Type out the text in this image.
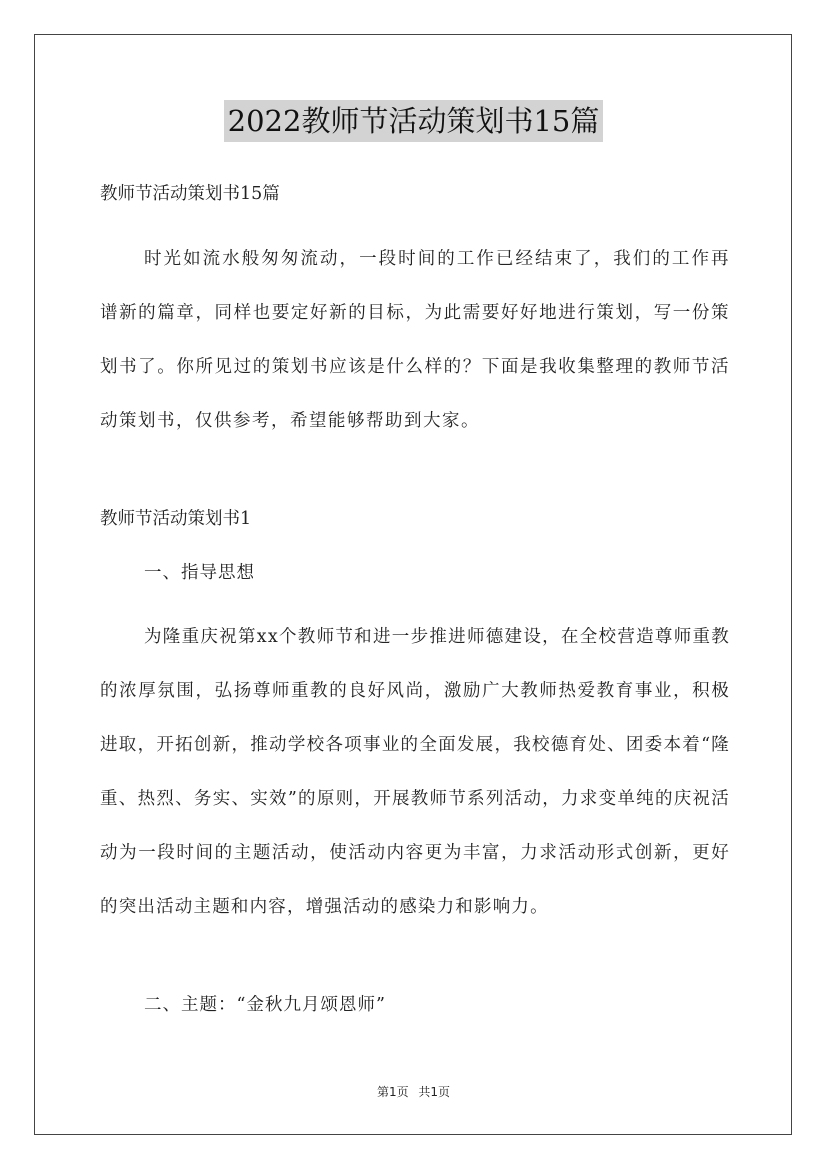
2022教师节活动策划书15篇

教师节活动策划书15篇

时光如流水般匆匆流动，一段时间的工作已经结束了，我们的工作再谱新的篇章，同样也要定好新的目标，为此需要好好地进行策划，写一份策划书了。你所见过的策划书应该是什么样的？下面是我收集整理的教师节活动策划书，仅供参考，希望能够帮助到大家。

教师节活动策划书1

一、指导思想

为隆重庆祝第xx个教师节和进一步推进师德建设，在全校营造尊师重教的浓厚氛围，弘扬尊师重教的良好风尚，激励广大教师热爱教育事业，积极进取，开拓创新，推动学校各项事业的全面发展，我校德育处、团委本着“隆重、热烈、务实、实效”的原则，开展教师节系列活动，力求变单纯的庆祝活动为一段时间的主题活动，使活动内容更为丰富，力求活动形式创新，更好的突出活动主题和内容，增强活动的感染力和影响力。

二、主题：“金秋九月颂恩师”

第1页 共1页
